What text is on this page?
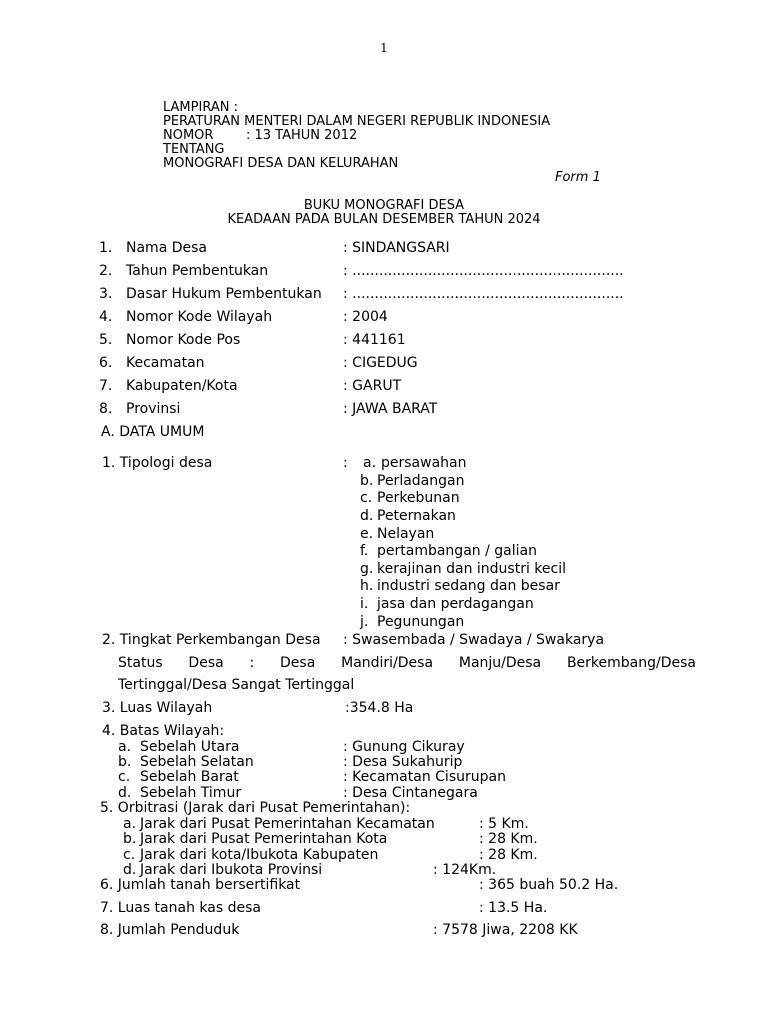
1
LAMPIRAN :
PERATURAN MENTERI DALAM NEGERI REPUBLIK INDONESIA
NOMOR	: 13 TAHUN 2012
TENTANG
MONOGRAFI DESA DAN KELURAHAN
Form 1
BUKU MONOGRAFI DESA
KEADAAN PADA BULAN DESEMBER TAHUN 2024
1. Nama Desa	: SINDANGSARI
2. Tahun Pembentukan	: .............................................................
3. Dasar Hukum Pembentukan : .............................................................
4. Nomor Kode Wilayah	: 2004
5. Nomor Kode Pos	: 441161
6. Kecamatan	: CIGEDUG
7. Kabupaten/Kota	: GARUT
8. Provinsi	: JAWA BARAT
A. DATA UMUM
1. Tipologi desa	: a. persawahan
b. Perladangan
c. Perkebunan
d. Peternakan
e. Nelayan
f. pertambangan / galian
g. kerajinan dan industri kecil
h. industri sedang dan besar
i. jasa dan perdagangan
j. Pegunungan
2. Tingkat Perkembangan Desa : Swasembada / Swadaya / Swakarya
Status Desa : Desa Mandiri/Desa Manju/Desa Berkembang/Desa
Tertinggal/Desa Sangat Tertinggal
3. Luas Wilayah	:354.8 Ha
4. Batas Wilayah:
a. Sebelah Utara	: Gunung Cikuray
b. Sebelah Selatan	: Desa Sukahurip
c. Sebelah Barat	: Kecamatan Cisurupan
d. Sebelah Timur	: Desa Cintanegara
5. Orbitrasi (Jarak dari Pusat Pemerintahan):
a. Jarak dari Pusat Pemerintahan Kecamatan	: 5 Km.
b. Jarak dari Pusat Pemerintahan Kota	: 28 Km.
c. Jarak dari kota/Ibukota Kabupaten	: 28 Km.
d. Jarak dari Ibukota Provinsi	: 124Km.
6. Jumlah tanah bersertifikat	: 365 buah 50.2 Ha.
7. Luas tanah kas desa	: 13.5 Ha.
8. Jumlah Penduduk	: 7578 Jiwa, 2208 KK
